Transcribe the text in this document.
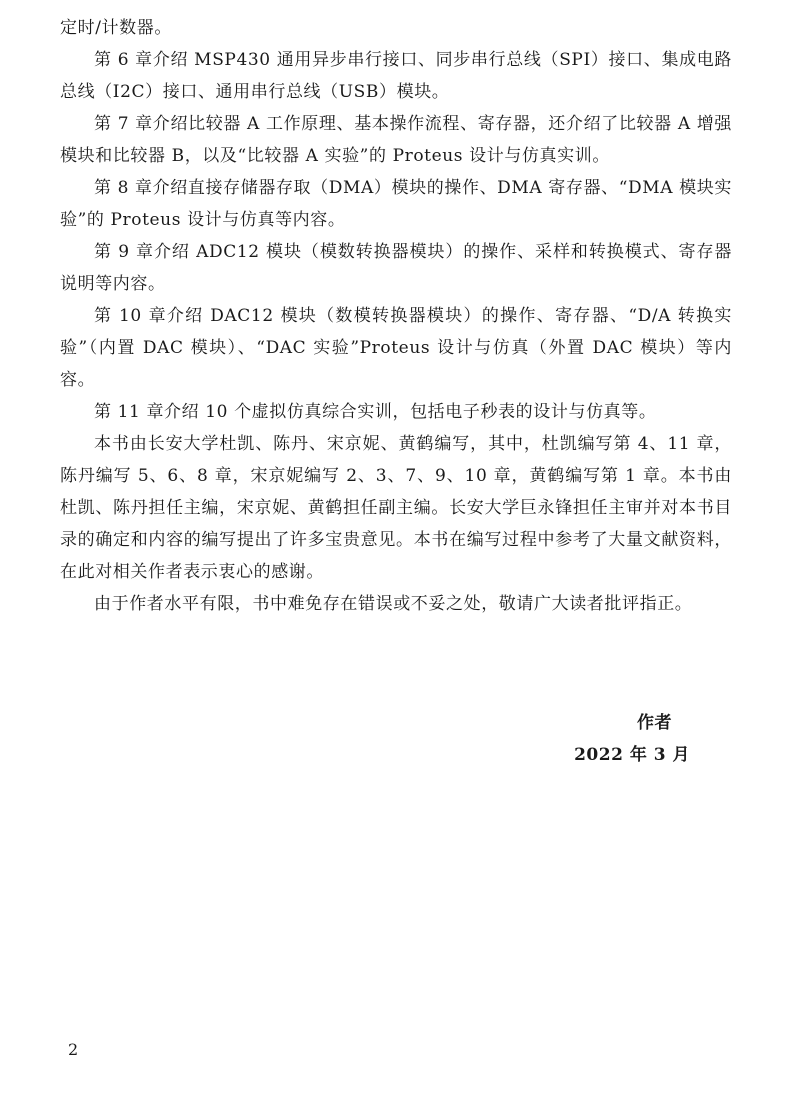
定时/计数器。

第 6 章介绍 MSP430 通用异步串行接口、同步串行总线（SPI）接口、集成电路总线（I2C）接口、通用串行总线（USB）模块。

第 7 章介绍比较器 A 工作原理、基本操作流程、寄存器，还介绍了比较器 A 增强模块和比较器 B，以及“比较器 A 实验”的 Proteus 设计与仿真实训。

第 8 章介绍直接存储器存取（DMA）模块的操作、DMA 寄存器、“DMA 模块实验”的 Proteus 设计与仿真等内容。

第 9 章介绍 ADC12 模块（模数转换器模块）的操作、采样和转换模式、寄存器说明等内容。

第 10 章介绍 DAC12 模块（数模转换器模块）的操作、寄存器、“D/A 转换实验”（内置 DAC 模块）、“DAC 实验”Proteus 设计与仿真（外置 DAC 模块）等内容。

第 11 章介绍 10 个虚拟仿真综合实训，包括电子秒表的设计与仿真等。

本书由长安大学杜凯、陈丹、宋京妮、黄鹤编写，其中，杜凯编写第 4、11 章，陈丹编写 5、6、8 章，宋京妮编写 2、3、7、9、10 章，黄鹤编写第 1 章。本书由杜凯、陈丹担任主编，宋京妮、黄鹤担任副主编。长安大学巨永锋担任主审并对本书目录的确定和内容的编写提出了许多宝贵意见。本书在编写过程中参考了大量文献资料，在此对相关作者表示衷心的感谢。

由于作者水平有限，书中难免存在错误或不妥之处，敬请广大读者批评指正。

作者
2022 年 3 月
2
